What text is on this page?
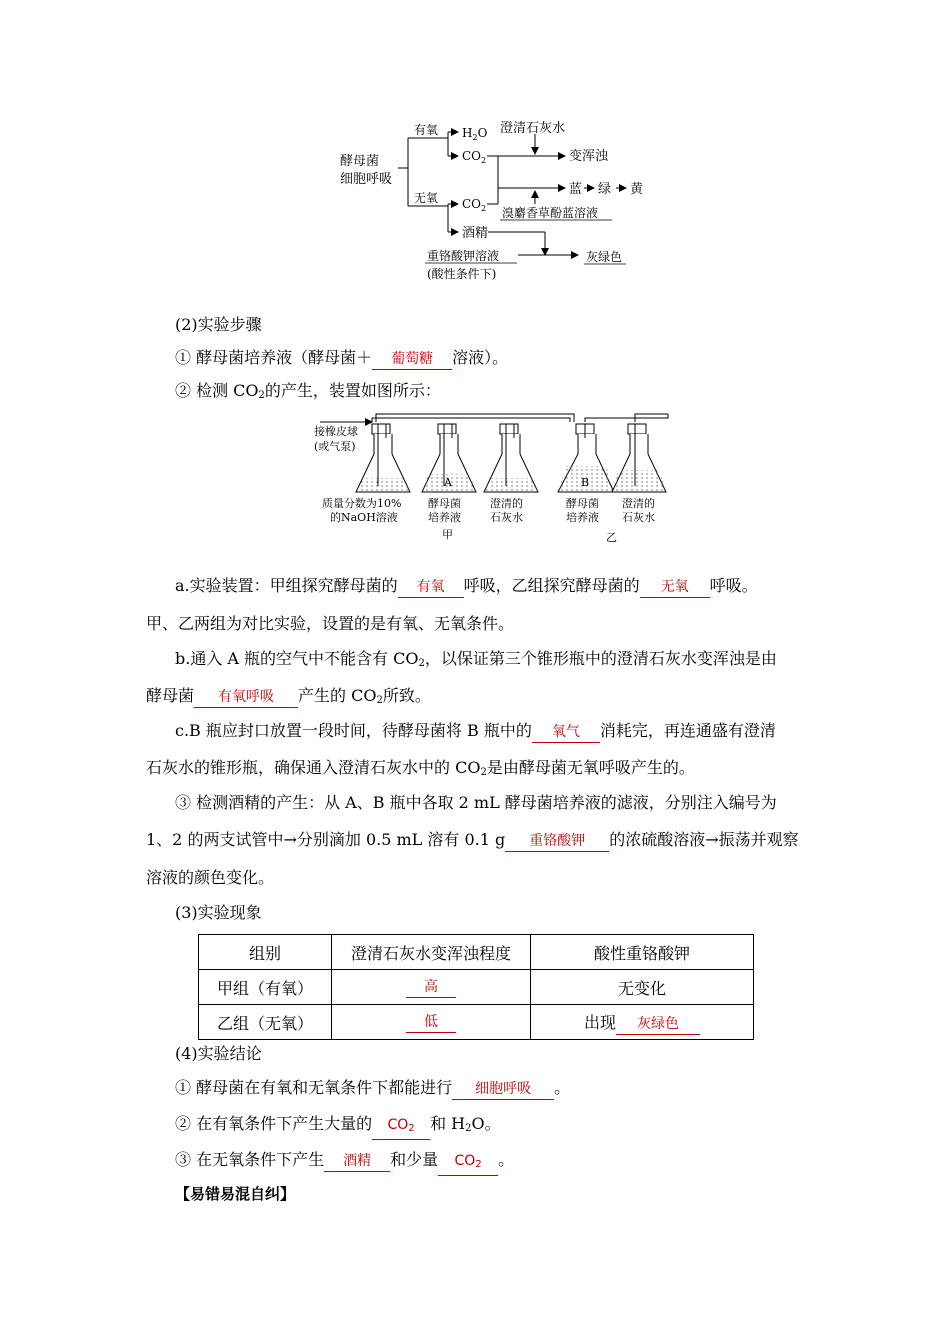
酵母菌
细胞呼吸
有氧
无氧
$H_2O$
$CO_2$
$CO_2$
澄清石灰水
变浑浊
蓝 绿 黄
溴麝香草酚蓝溶液
酒精
重铬酸钾溶液
(酸性条件下)
灰绿色
(2)实验步骤
① 酵母菌培养液（酵母菌＋ 葡萄糖 溶液）。
② 检测 $CO_2$的产生，装置如图所示：
接橡皮球
(或气泵)
A	B
质量分数为10%
的NaOH溶液
酵母菌
培养液
澄清的
石灰水
酵母菌
培养液
澄清的
石灰水
甲	乙
a.实验装置：甲组探究酵母菌的 有氧 呼吸，乙组探究酵母菌的 无氧 呼吸。
甲、乙两组为对比实验，设置的是有氧、无氧条件。
b.通入 A 瓶的空气中不能含有 $CO_2$，以保证第三个锥形瓶中的澄清石灰水变浑浊是由
酵母菌 有氧呼吸 产生的 $CO_2$所致。
c.B 瓶应封口放置一段时间，待酵母菌将 B 瓶中的 氧气 消耗完，再连通盛有澄清
石灰水的锥形瓶，确保通入澄清石灰水中的 $CO_2$是由酵母菌无氧呼吸产生的。
③ 检测酒精的产生：从 A、B 瓶中各取 2 mL 酵母菌培养液的滤液，分别注入编号为
1、2 的两支试管中→分别滴加 0.5 mL 溶有 0.1 g 重铬酸钾 的浓硫酸溶液→振荡并观察
溶液的颜色变化。
(3)实验现象
组别	澄清石灰水变浑浊程度	酸性重铬酸钾
甲组（有氧）	高	无变化
乙组（无氧）	低	出现 灰绿色
(4)实验结论
① 酵母菌在有氧和无氧条件下都能进行 细胞呼吸 。
② 在有氧条件下产生大量的 $CO_2$ 和 $H_2O$。
③ 在无氧条件下产生 酒精 和少量 $CO_2$ 。
【易错易混自纠】
